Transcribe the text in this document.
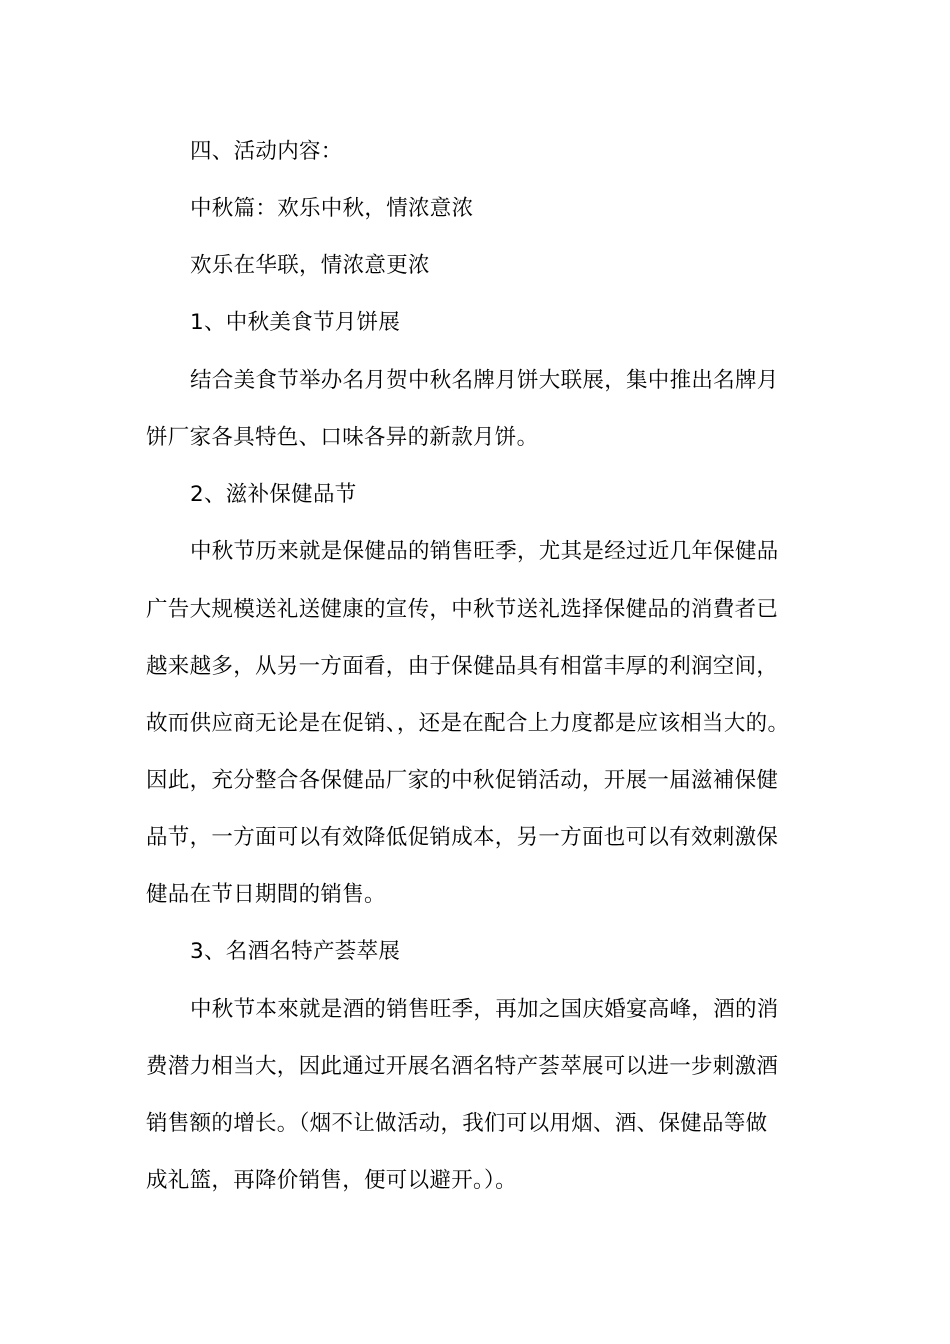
四、活动内容：
中秋篇：欢乐中秋，情浓意浓
欢乐在华联，情浓意更浓
1、中秋美食节月饼展
结合美食节举办名月贺中秋名牌月饼大联展，集中推出名牌月
饼厂家各具特色、口味各异的新款月饼。
2、滋补保健品节
中秋节历来就是保健品的销售旺季，尤其是经过近几年保健品
广告大规模送礼送健康的宣传，中秋节送礼选择保健品的消費者已
越来越多，从另一方面看，由于保健品具有相當丰厚的利润空间，
故而供应商无论是在促销、，还是在配合上力度都是应该相当大的。
因此，充分整合各保健品厂家的中秋促销活动，开展一届滋補保健
品节，一方面可以有效降低促销成本，另一方面也可以有效刺激保
健品在节日期間的销售。
3、名酒名特产荟萃展
中秋节本來就是酒的销售旺季，再加之国庆婚宴高峰，酒的消
费潜力相当大，因此通过开展名酒名特产荟萃展可以进一步刺激酒
销售额的增长。（烟不让做活动，我们可以用烟、酒、保健品等做
成礼篮，再降价销售，便可以避开。）。
